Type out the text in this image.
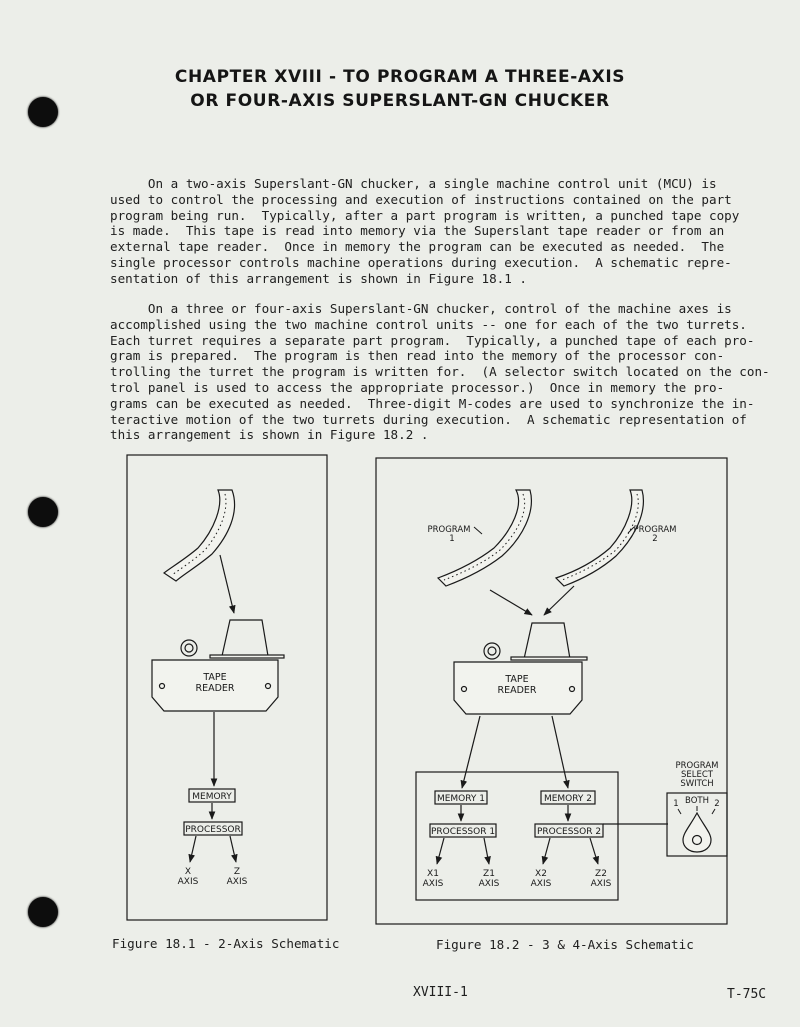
CHAPTER XVIII - TO PROGRAM A THREE-AXIS
OR FOUR-AXIS SUPERSLANT-GN CHUCKER
On a two-axis Superslant-GN chucker, a single machine control unit (MCU) is
used to control the processing and execution of instructions contained on the part
program being run.  Typically, after a part program is written, a punched tape copy
is made.  This tape is read into memory via the Superslant tape reader or from an
external tape reader.  Once in memory the program can be executed as needed.  The
single processor controls machine operations during execution.  A schematic repre-
sentation of this arrangement is shown in Figure 18.1 .
On a three or four-axis Superslant-GN chucker, control of the machine axes is
accomplished using the two machine control units -- one for each of the two turrets.
Each turret requires a separate part program.  Typically, a punched tape of each pro-
gram is prepared.  The program is then read into the memory of the processor con-
trolling the turret the program is written for.  (A selector switch located on the con-
trol panel is used to access the appropriate processor.)  Once in memory the pro-
grams can be executed as needed.  Three-digit M-codes are used to synchronize the in-
teractive motion of the two turrets during execution.  A schematic representation of
this arrangement is shown in Figure 18.2 .
TAPE
READER
MEMORY
PROCESSOR
X
AXIS
Z
AXIS
PROGRAM
1
PROGRAM
2
TAPE
READER
MEMORY 1	MEMORY 2
PROCESSOR 1	PROCESSOR 2
X1
AXIS
Z1
AXIS
X2
AXIS
Z2
AXIS
PROGRAM
SELECT
SWITCH
1 BOTH 2
Figure 18.1 - 2-Axis Schematic	Figure 18.2 - 3 & 4-Axis Schematic
XVIII-1	T-75C
